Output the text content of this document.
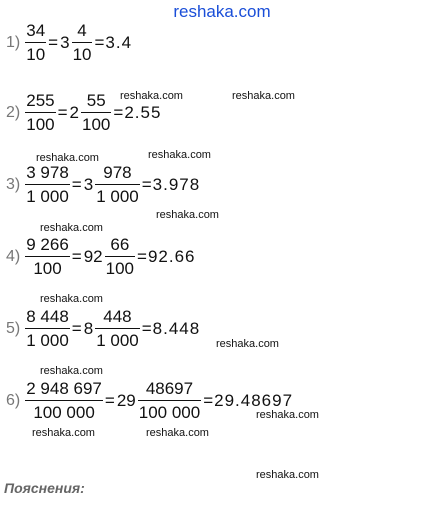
reshaka.com
$1) \frac{34}{10} = 3 \frac{4}{10} = 3.4$
$2) \frac{255}{100} = 2 \frac{55}{100} = 2.55$
$3) \frac{3 978}{1 000} = 3 \frac{978}{1 000} = 3.978$
$4) \frac{9 266}{100} = 92 \frac{66}{100} = 92.66$
$5) \frac{8 448}{1 000} = 8 \frac{448}{1 000} = 8.448$
$6) \frac{2 948 697}{100 000} = 29 \frac{48697}{100 000} = 29.48697$
reshaka.com	reshaka.com
reshaka.com	reshaka.com
reshaka.com
reshaka.com
reshaka.com
reshaka.com
reshaka.com
reshaka.com
reshaka.com	reshaka.com
reshaka.com
Пояснения:
